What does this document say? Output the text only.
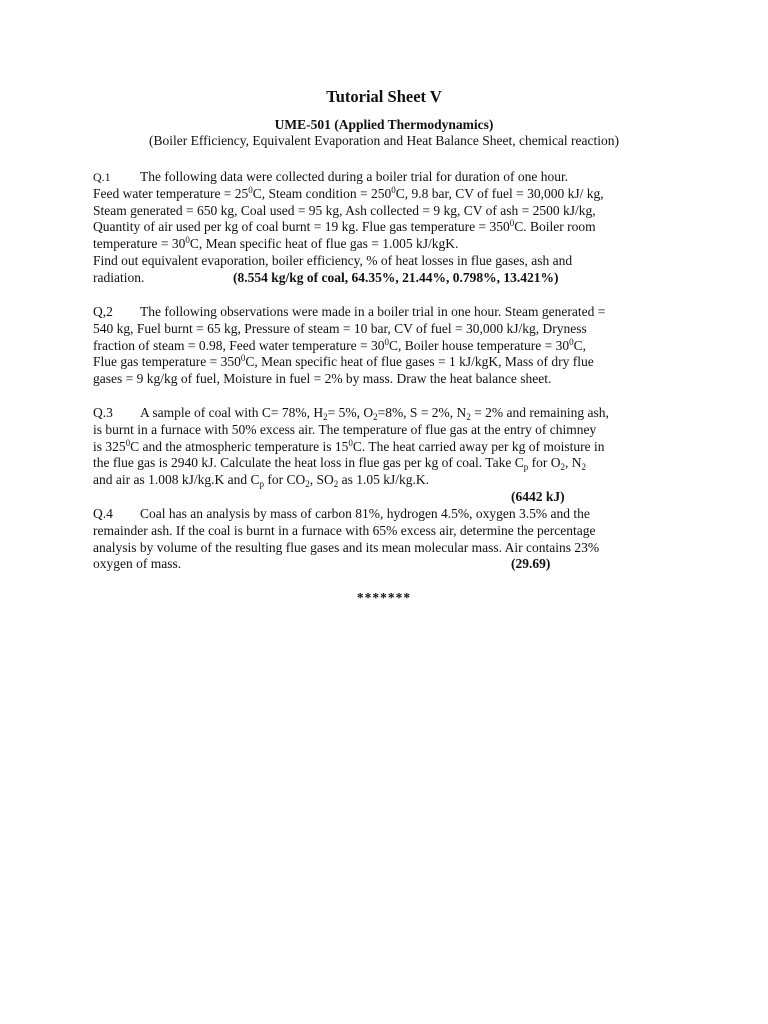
Tutorial Sheet V
UME-501 (Applied Thermodynamics)
(Boiler Efficiency, Equivalent Evaporation and Heat Balance Sheet, chemical reaction)

Q.1 The following data were collected during a boiler trial for duration of one hour.

Feed water temperature = $25^0C$, Steam condition = $250^0C$, 9.8 bar, CV of fuel = 30,000 kJ/ kg,

Steam generated = 650 kg, Coal used = 95 kg, Ash collected = 9 kg, CV of ash = 2500 kJ/kg,

Quantity of air used per kg of coal burnt = 19 kg. Flue gas temperature = $350^0C$. Boiler room

temperature = $30^0C$, Mean specific heat of flue gas = 1.005 kJ/kgK.

Find out equivalent evaporation, boiler efficiency, % of heat losses in flue gases, ash and

radiation.	(8.554 kg/kg of coal, 64.35%, 21.44%, 0.798%, 13.421%)

Q,2 The following observations were made in a boiler trial in one hour. Steam generated =

540 kg, Fuel burnt = 65 kg, Pressure of steam = 10 bar, CV of fuel = 30,000 kJ/kg, Dryness

fraction of steam = 0.98, Feed water temperature = $30^0C$, Boiler house temperature = $30^0C$,

Flue gas temperature = $350^0C$, Mean specific heat of flue gases = 1 kJ/kgK, Mass of dry flue

gases = 9 kg/kg of fuel, Moisture in fuel = 2% by mass. Draw the heat balance sheet.

Q.3 A sample of coal with C= 78%, $H_2= 5\%$, $O_2=8\%$, S = 2%, $N_2 = 2\%$ and remaining ash,

is burnt in a furnace with 50% excess air. The temperature of flue gas at the entry of chimney

is $325^0C$ and the atmospheric temperature is $15^0C$. The heat carried away per kg of moisture in

the flue gas is 2940 kJ. Calculate the heat loss in flue gas per kg of coal. Take $C_p$ for $O_2$, $N_2$

and air as 1.008 kJ/kg.K and $C_p$ for $CO_2$, $SO_2$ as 1.05 kJ/kg.K.

(6442 kJ)

Q.4 Coal has an analysis by mass of carbon 81%, hydrogen 4.5%, oxygen 3.5% and the

remainder ash. If the coal is burnt in a furnace with 65% excess air, determine the percentage

analysis by volume of the resulting flue gases and its mean molecular mass. Air contains 23%

oxygen of mass.	(29.69)

*******
